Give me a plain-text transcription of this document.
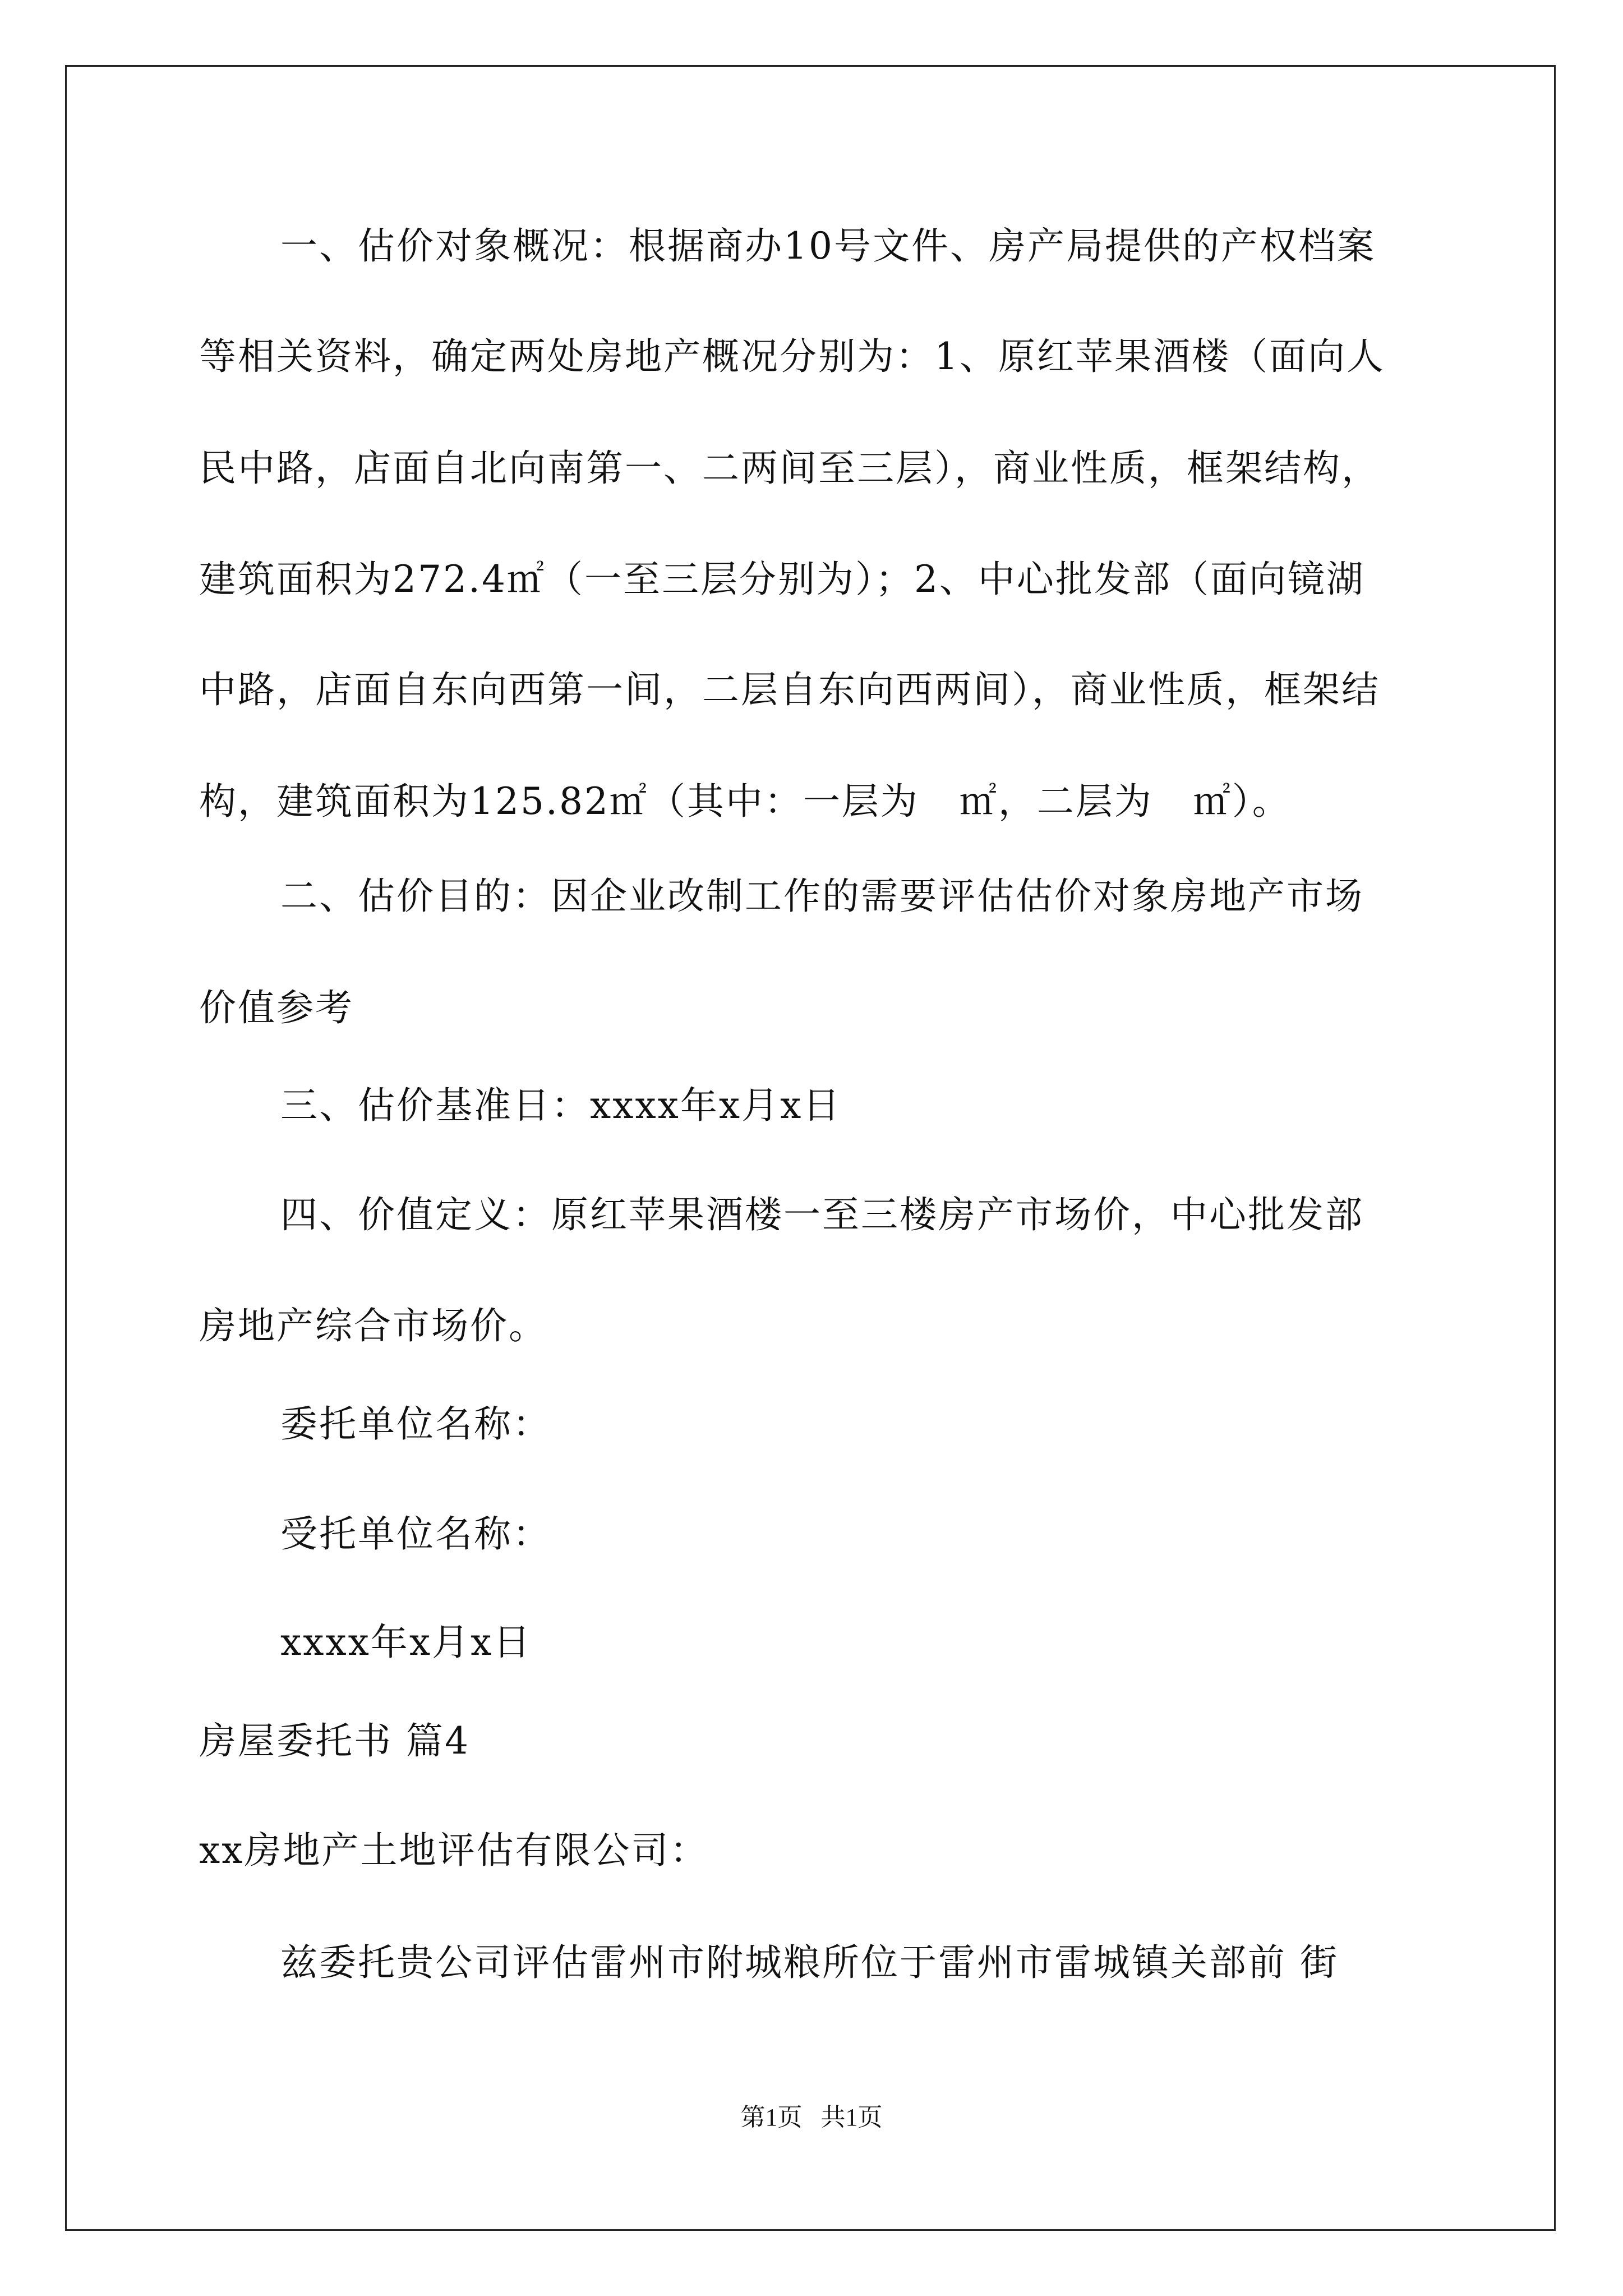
一、估价对象概况：根据商办10号文件、房产局提供的产权档案
等相关资料，确定两处房地产概况分别为：1、原红苹果酒楼（面向人
民中路，店面自北向南第一、二两间至三层），商业性质，框架结构，
建筑面积为272.4㎡（一至三层分别为）；2、中心批发部（面向镜湖
中路，店面自东向西第一间，二层自东向西两间），商业性质，框架结
构，建筑面积为125.82㎡（其中：一层为   ㎡，二层为   ㎡）。
二、估价目的：因企业改制工作的需要评估估价对象房地产市场
价值参考
三、估价基准日：xxxx年x月x日
四、价值定义：原红苹果酒楼一至三楼房产市场价，中心批发部
房地产综合市场价。
委托单位名称：
受托单位名称：
xxxx年x月x日
房屋委托书 篇4
xx房地产土地评估有限公司：
兹委托贵公司评估雷州市附城粮所位于雷州市雷城镇关部前 街
第1页   共1页
